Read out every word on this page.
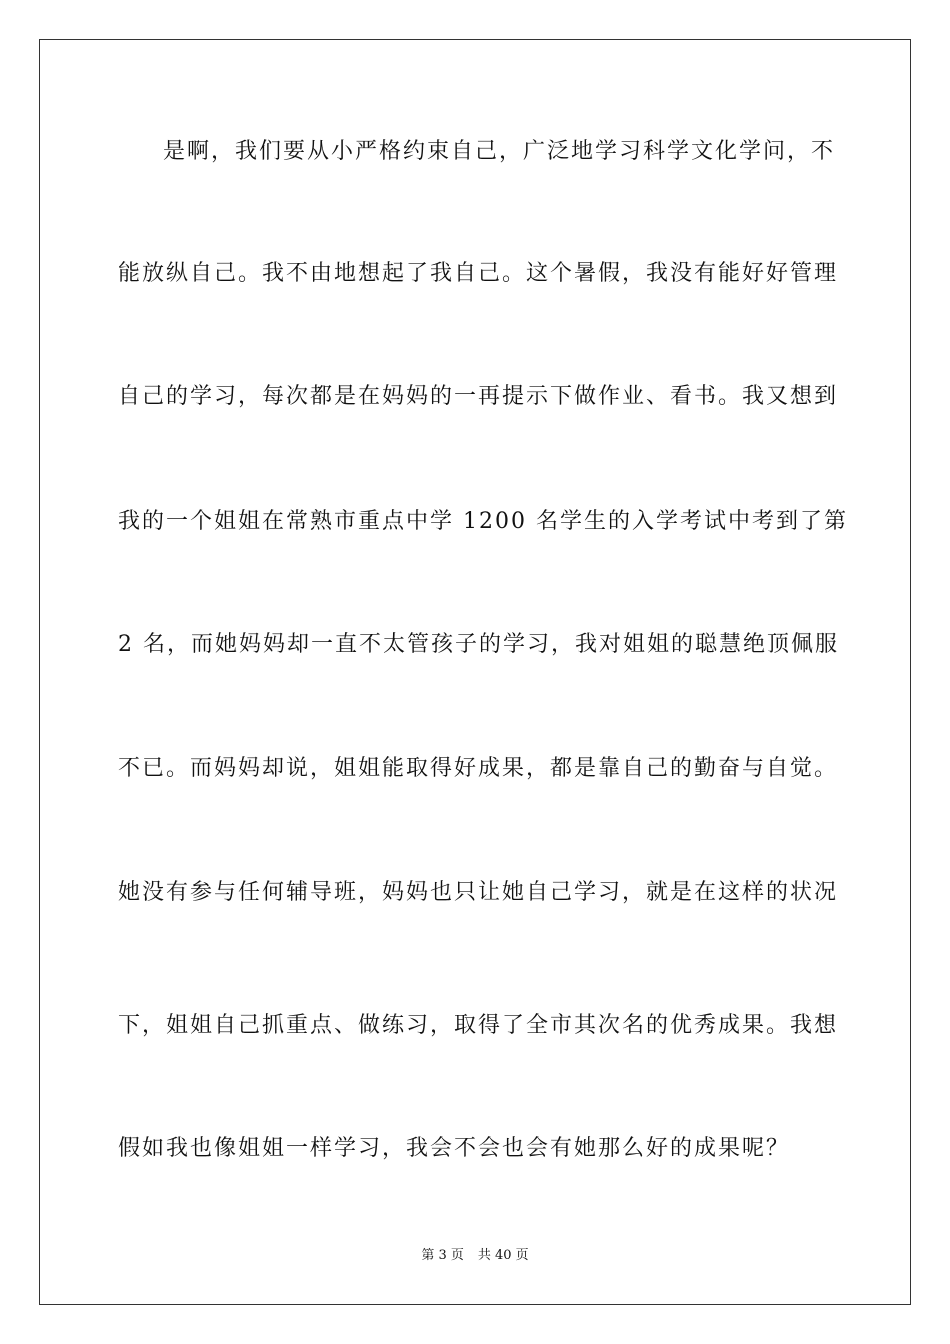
是啊，我们要从小严格约束自己，广泛地学习科学文化学问，不
能放纵自己。我不由地想起了我自己。这个暑假，我没有能好好管理
自己的学习，每次都是在妈妈的一再提示下做作业、看书。我又想到
我的一个姐姐在常熟市重点中学 1200 名学生的入学考试中考到了第
2 名，而她妈妈却一直不太管孩子的学习，我对姐姐的聪慧绝顶佩服
不已。而妈妈却说，姐姐能取得好成果，都是靠自己的勤奋与自觉。
她没有参与任何辅导班，妈妈也只让她自己学习，就是在这样的状况
下，姐姐自己抓重点、做练习，取得了全市其次名的优秀成果。我想
假如我也像姐姐一样学习，我会不会也会有她那么好的成果呢？
第 3 页 共 40 页
